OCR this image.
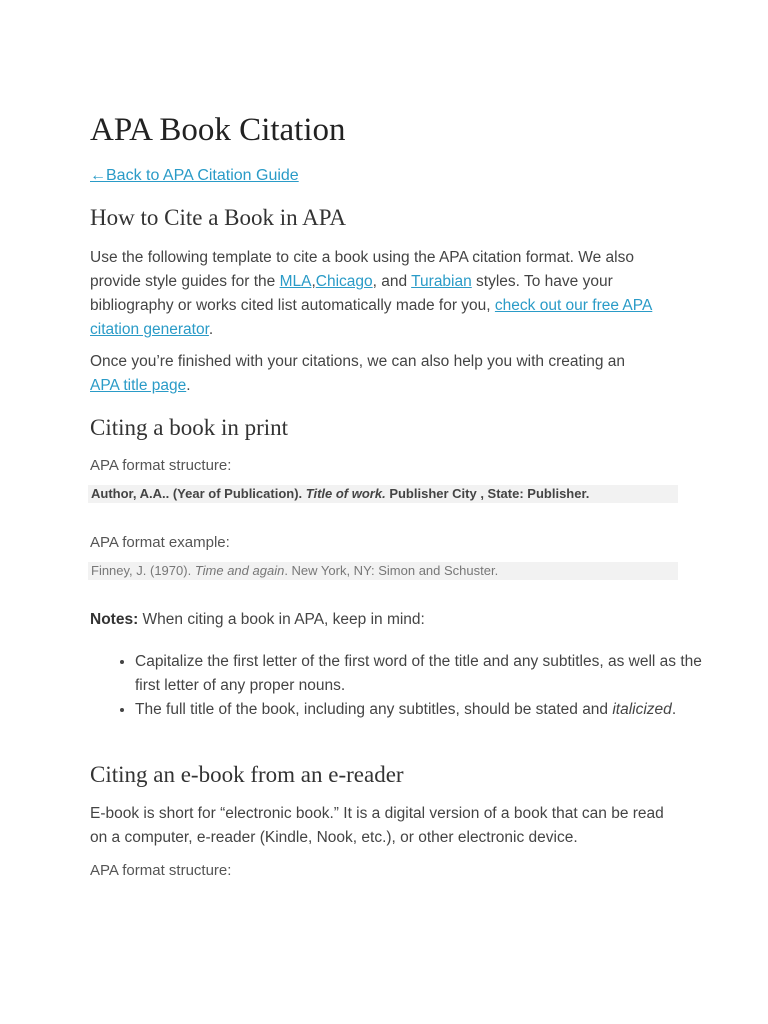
APA Book Citation
←Back to APA Citation Guide
How to Cite a Book in APA

Use the following template to cite a book using the APA citation format. We also provide style guides for the MLA,Chicago, and Turabian styles. To have your bibliography or works cited list automatically made for you, check out our free APA citation generator.

Once you’re finished with your citations, we can also help you with creating an APA title page.

Citing a book in print
APA format structure:
Author, A.A.. (Year of Publication). Title of work. Publisher City , State: Publisher.
APA format example:
Finney, J. (1970). Time and again. New York, NY: Simon and Schuster.

Notes: When citing a book in APA, keep in mind:

• Capitalize the first letter of the first word of the title and any subtitles, as well as the first letter of any proper nouns.
• The full title of the book, including any subtitles, should be stated and italicized.
Citing an e-book from an e-reader

E-book is short for “electronic book.” It is a digital version of a book that can be read on a computer, e-reader (Kindle, Nook, etc.), or other electronic device.

APA format structure:
